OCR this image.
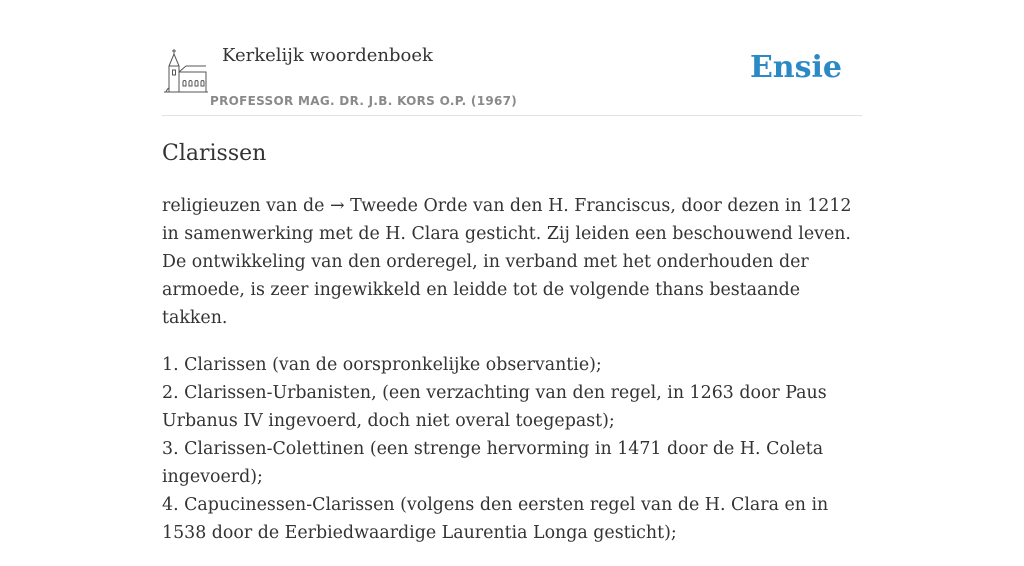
Kerkelijk woordenboek
PROFESSOR MAG. DR. J.B. KORS O.P. (1967)
Ensie
Clarissen

religieuzen van de → Tweede Orde van den H. Franciscus, door dezen in 1212 in samenwerking met de H. Clara gesticht. Zij leiden een beschouwend leven. De ontwikkeling van den orderegel, in verband met het onderhouden der armoede, is zeer ingewikkeld en leidde tot de volgende thans bestaande takken.

1. Clarissen (van de oorspronkelijke observantie);
2. Clarissen-Urbanisten, (een verzachting van den regel, in 1263 door Paus Urbanus IV ingevoerd, doch niet overal toegepast);
3. Clarissen-Colettinen (een strenge hervorming in 1471 door de H. Coleta ingevoerd);
4. Capucinessen-Clarissen (volgens den eersten regel van de H. Clara en in 1538 door de Eerbiedwaardige Laurentia Longa gesticht);
